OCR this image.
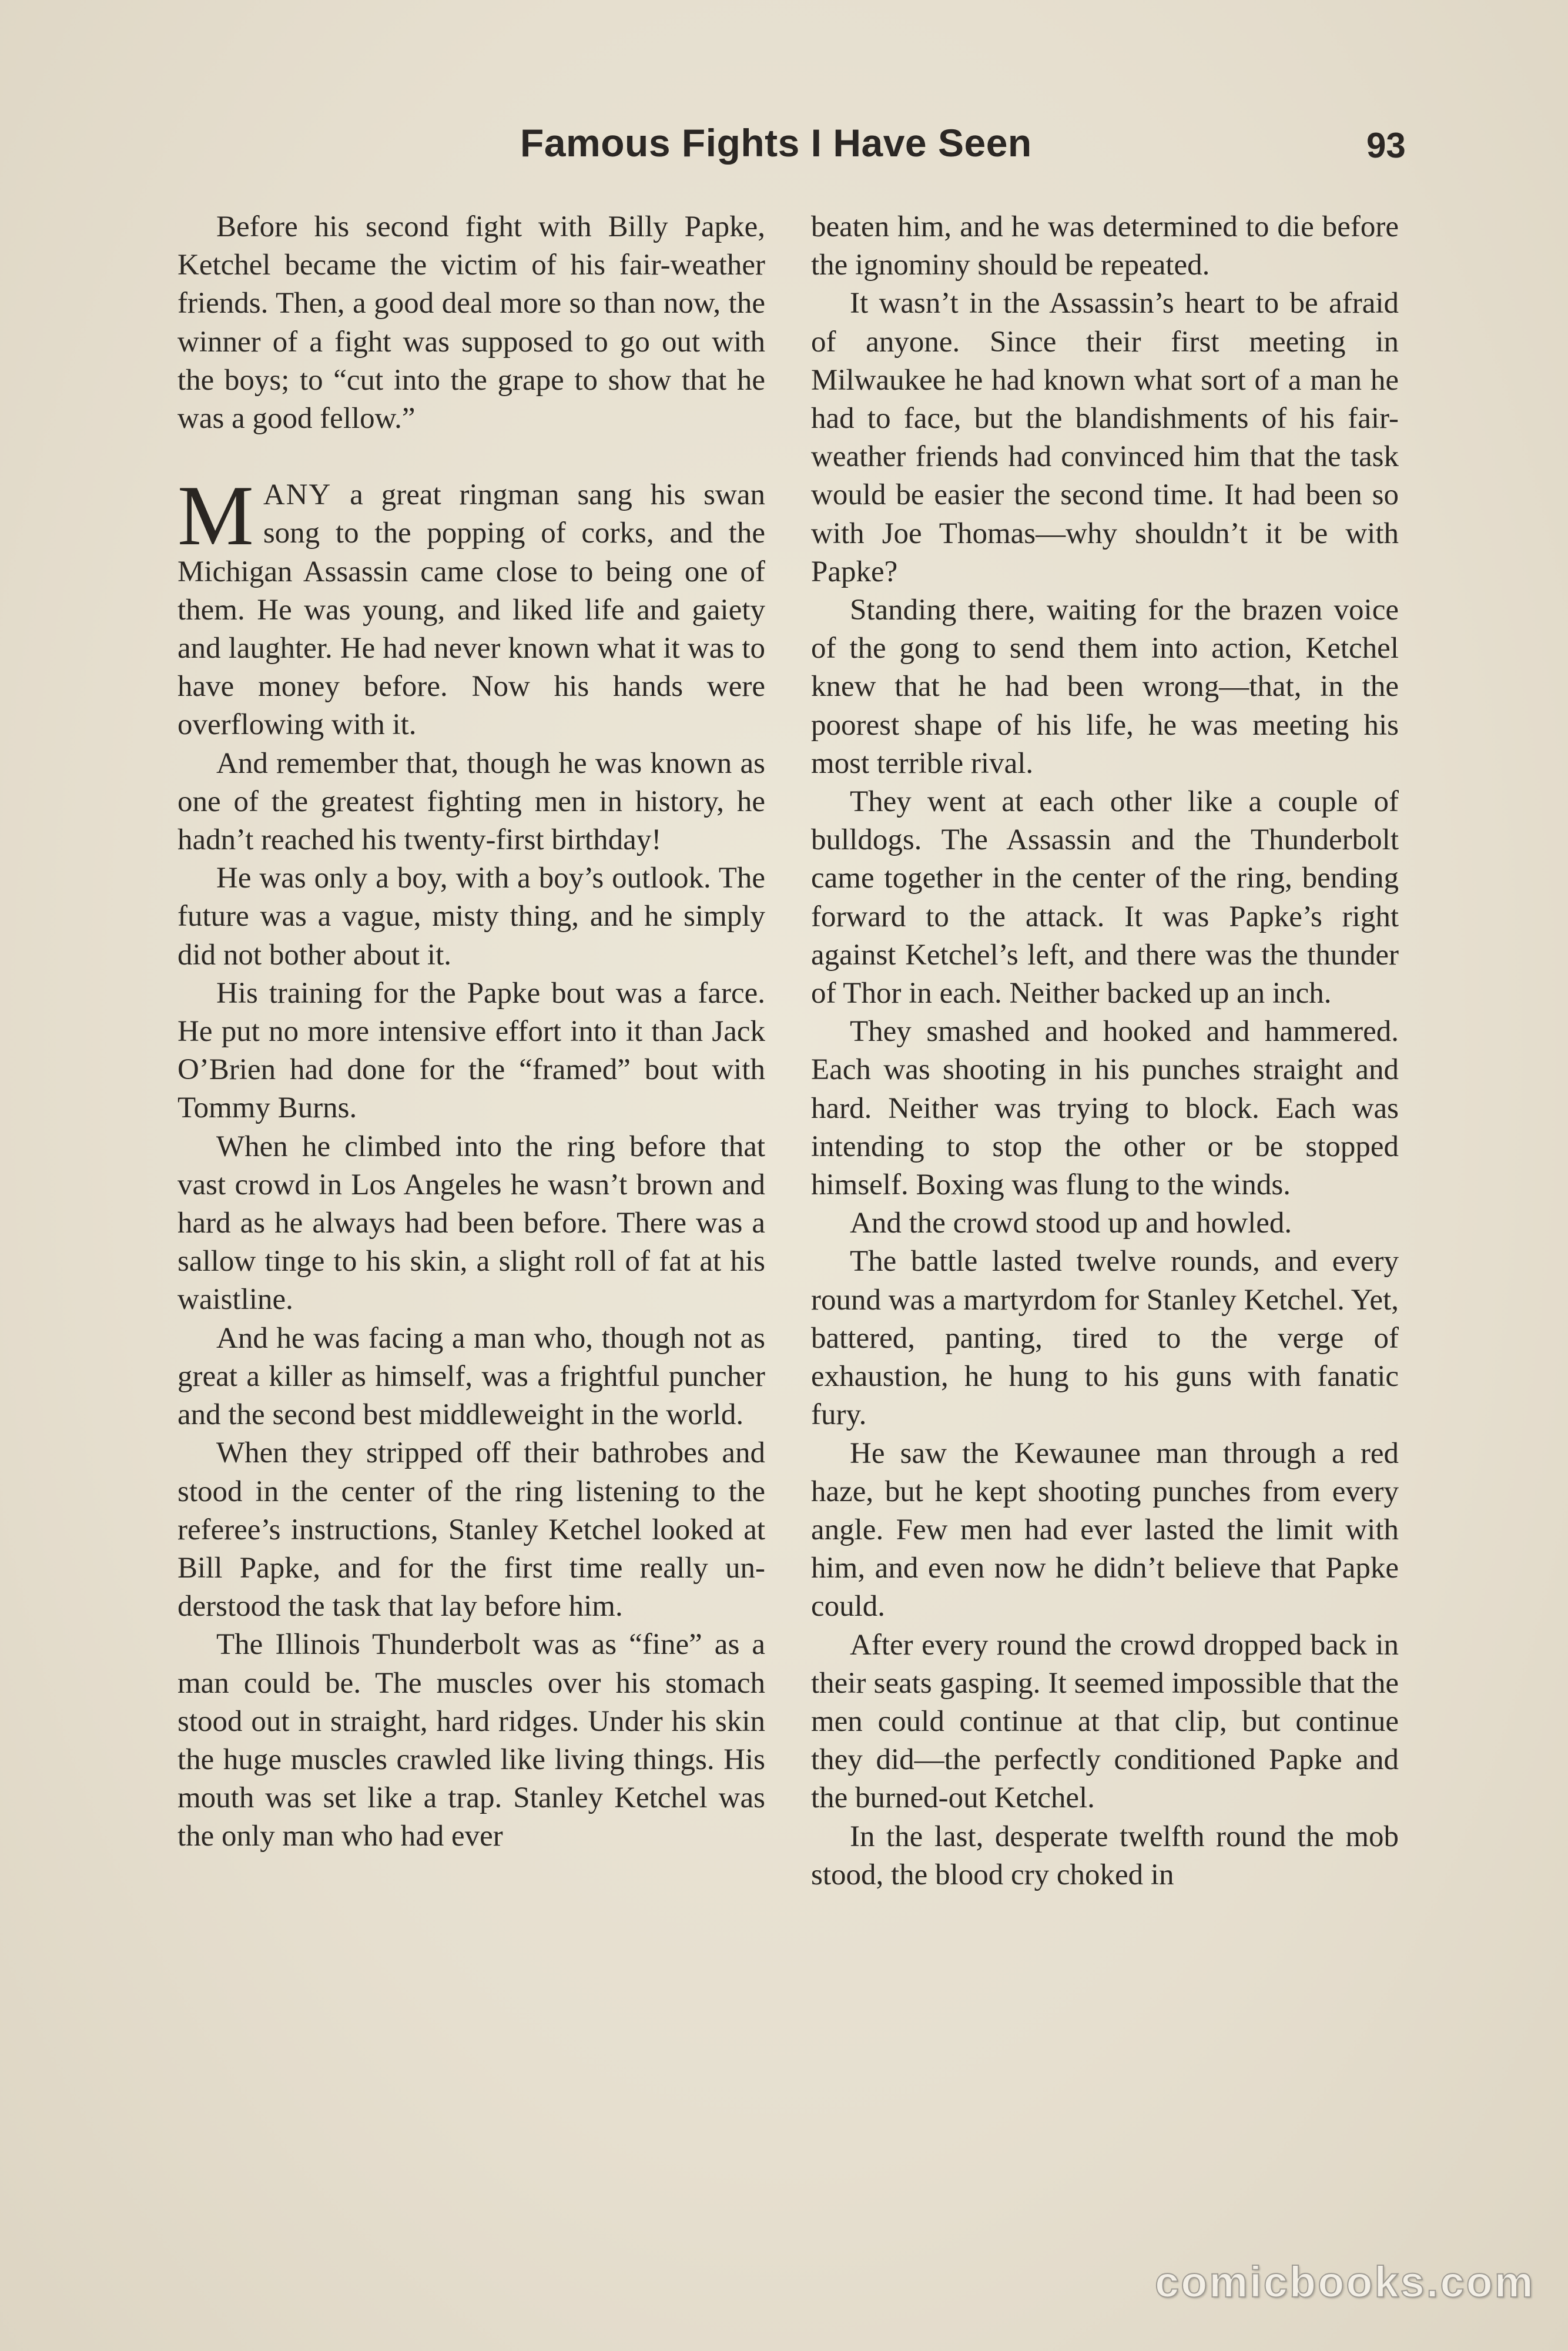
Famous Fights I Have Seen	93

Before his second fight with Billy Papke, Ketchel became the victim of his fair-weather friends. Then, a good deal more so than now, the winner of a fight was supposed to go out with the boys; to “cut into the grape to show that he was a good fellow.”

MANY a great ringman sang his swan song to the popping of corks, and the Michigan Assassin came close to being one of them. He was young, and liked life and gaiety and laughter. He had never known what it was to have money before. Now his hands were overflowing with it.

And remember that, though he was known as one of the greatest fighting men in history, he hadn’t reached his twenty-first birthday!

He was only a boy, with a boy’s outlook. The future was a vague, misty thing, and he simply did not bother about it.

His training for the Papke bout was a farce. He put no more intensive effort into it than Jack O’Brien had done for the “framed” bout with Tommy Burns.

When he climbed into the ring before that vast crowd in Los Angeles he wasn’t brown and hard as he always had been before. There was a sallow tinge to his skin, a slight roll of fat at his waistline.

And he was facing a man who, though not as great a killer as himself, was a frightful puncher and the second best middleweight in the world.

When they stripped off their bathrobes and stood in the center of the ring listening to the referee’s instructions, Stanley Ketchel looked at Bill Papke, and for the first time really understood the task that lay before him.

The Illinois Thunderbolt was as “fine” as a man could be. The muscles over his stomach stood out in straight, hard ridges. Under his skin the huge muscles crawled like living things. His mouth was set like a trap. Stanley Ketchel was the only man who had ever

beaten him, and he was determined to die before the ignominy should be repeated.

It wasn’t in the Assassin’s heart to be afraid of anyone. Since their first meeting in Milwaukee he had known what sort of a man he had to face, but the blandishments of his fair-weather friends had convinced him that the task would be easier the second time. It had been so with Joe Thomas—why shouldn’t it be with Papke?

Standing there, waiting for the brazen voice of the gong to send them into action, Ketchel knew that he had been wrong—that, in the poorest shape of his life, he was meeting his most terrible rival.

They went at each other like a couple of bulldogs. The Assassin and the Thunderbolt came together in the center of the ring, bending forward to the attack. It was Papke’s right against Ketchel’s left, and there was the thunder of Thor in each. Neither backed up an inch.

They smashed and hooked and hammered. Each was shooting in his punches straight and hard. Neither was trying to block. Each was intending to stop the other or be stopped himself. Boxing was flung to the winds.

And the crowd stood up and howled.

The battle lasted twelve rounds, and every round was a martyrdom for Stanley Ketchel. Yet, battered, panting, tired to the verge of exhaustion, he hung to his guns with fanatic fury.

He saw the Kewaunee man through a red haze, but he kept shooting punches from every angle. Few men had ever lasted the limit with him, and even now he didn’t believe that Papke could.

After every round the crowd dropped back in their seats gasping. It seemed impossible that the men could continue at that clip, but continue they did—the perfectly conditioned Papke and the burned-out Ketchel.

In the last, desperate twelfth round the mob stood, the blood cry choked in

comicbooks.com
